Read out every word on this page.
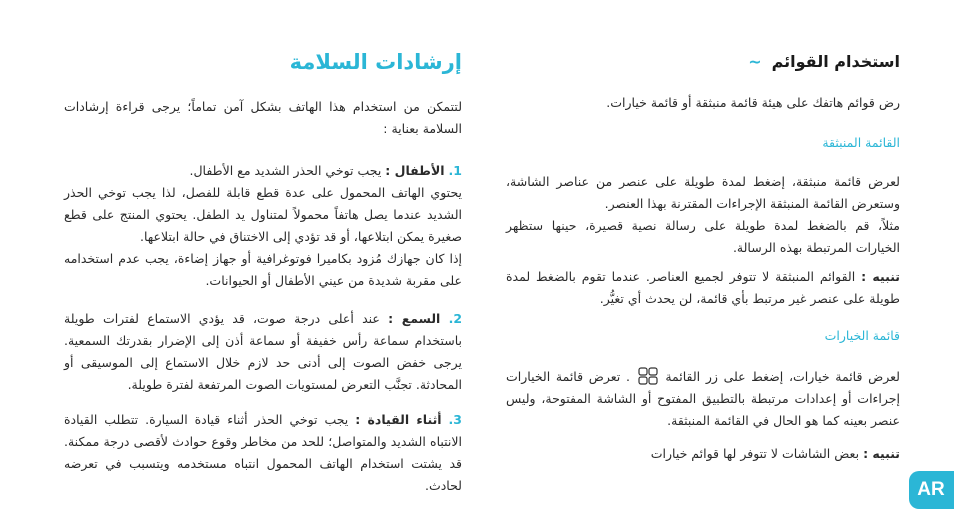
إرشادات السلامة

لتتمكن من استخدام هذا الهاتف بشكل آمن تماماً؛ يرجى قراءة إرشادات السلامة بعناية :

1. الأطفال : يجب توخي الحذر الشديد مع الأطفال.

يحتوي الهاتف المحمول على عدة قطع قابلة للفصل، لذا يجب توخي الحذر الشديد عندما يصل هاتفاً محمولاً لمتناول يد الطفل. يحتوي المنتج على قطع صغيرة يمكن ابتلاعها، أو قد تؤدي إلى الاختناق في حالة ابتلاعها.

إذا كان جهازك مُزود بكاميرا فوتوغرافية أو جهاز إضاءة، يجب عدم استخدامه على مقربة شديدة من عيني الأطفال أو الحيوانات.

2. السمع : عند أعلى درجة صوت، قد يؤدي الاستماع لفترات طويلة باستخدام سماعة رأس خفيفة أو سماعة أذن إلى الإضرار بقدرتك السمعية. يرجى خفض الصوت إلى أدنى حد لازم خلال الاستماع إلى الموسيقى أو المحادثة. تجنَّب التعرض لمستويات الصوت المرتفعة لفترة طويلة.

3. أثناء القيادة : يجب توخي الحذر أثناء قيادة السيارة. تتطلب القيادة الانتباه الشديد والمتواصل؛ للحد من مخاطر وقوع حوادث لأقصى درجة ممكنة. قد يشتت استخدام الهاتف المحمول انتباه مستخدمه ويتسبب في تعرضه لحادث.

استخدام القوائم~

رض قوائم هاتفك على هيئة قائمة منبثقة أو قائمة خيارات.

القائمة المنبثقة

لعرض قائمة منبثقة، إضغط لمدة طويلة على عنصر من عناصر الشاشة، وستعرض القائمة المنبثقة الإجراءات المقترنة بهذا العنصر.

مثلاً، قم بالضغط لمدة طويلة على رسالة نصية قصيرة، حينها ستظهر الخيارات المرتبطة بهذه الرسالة.

تنبيه : القوائم المنبثقة لا تتوفر لجميع العناصر. عندما تقوم بالضغط لمدة طويلة على عنصر غير مرتبط بأي قائمة، لن يحدث أي تغيُّر.

قائمة الخيارات

لعرض قائمة خيارات، إضغط على زر القائمة  . تعرض قائمة الخيارات إجراءات أو إعدادات مرتبطة بالتطبيق المفتوح أو الشاشة المفتوحة، وليس عنصر بعينه كما هو الحال في القائمة المنبثقة.

تنبيه : بعض الشاشات لا تتوفر لها قوائم خيارات

AR
